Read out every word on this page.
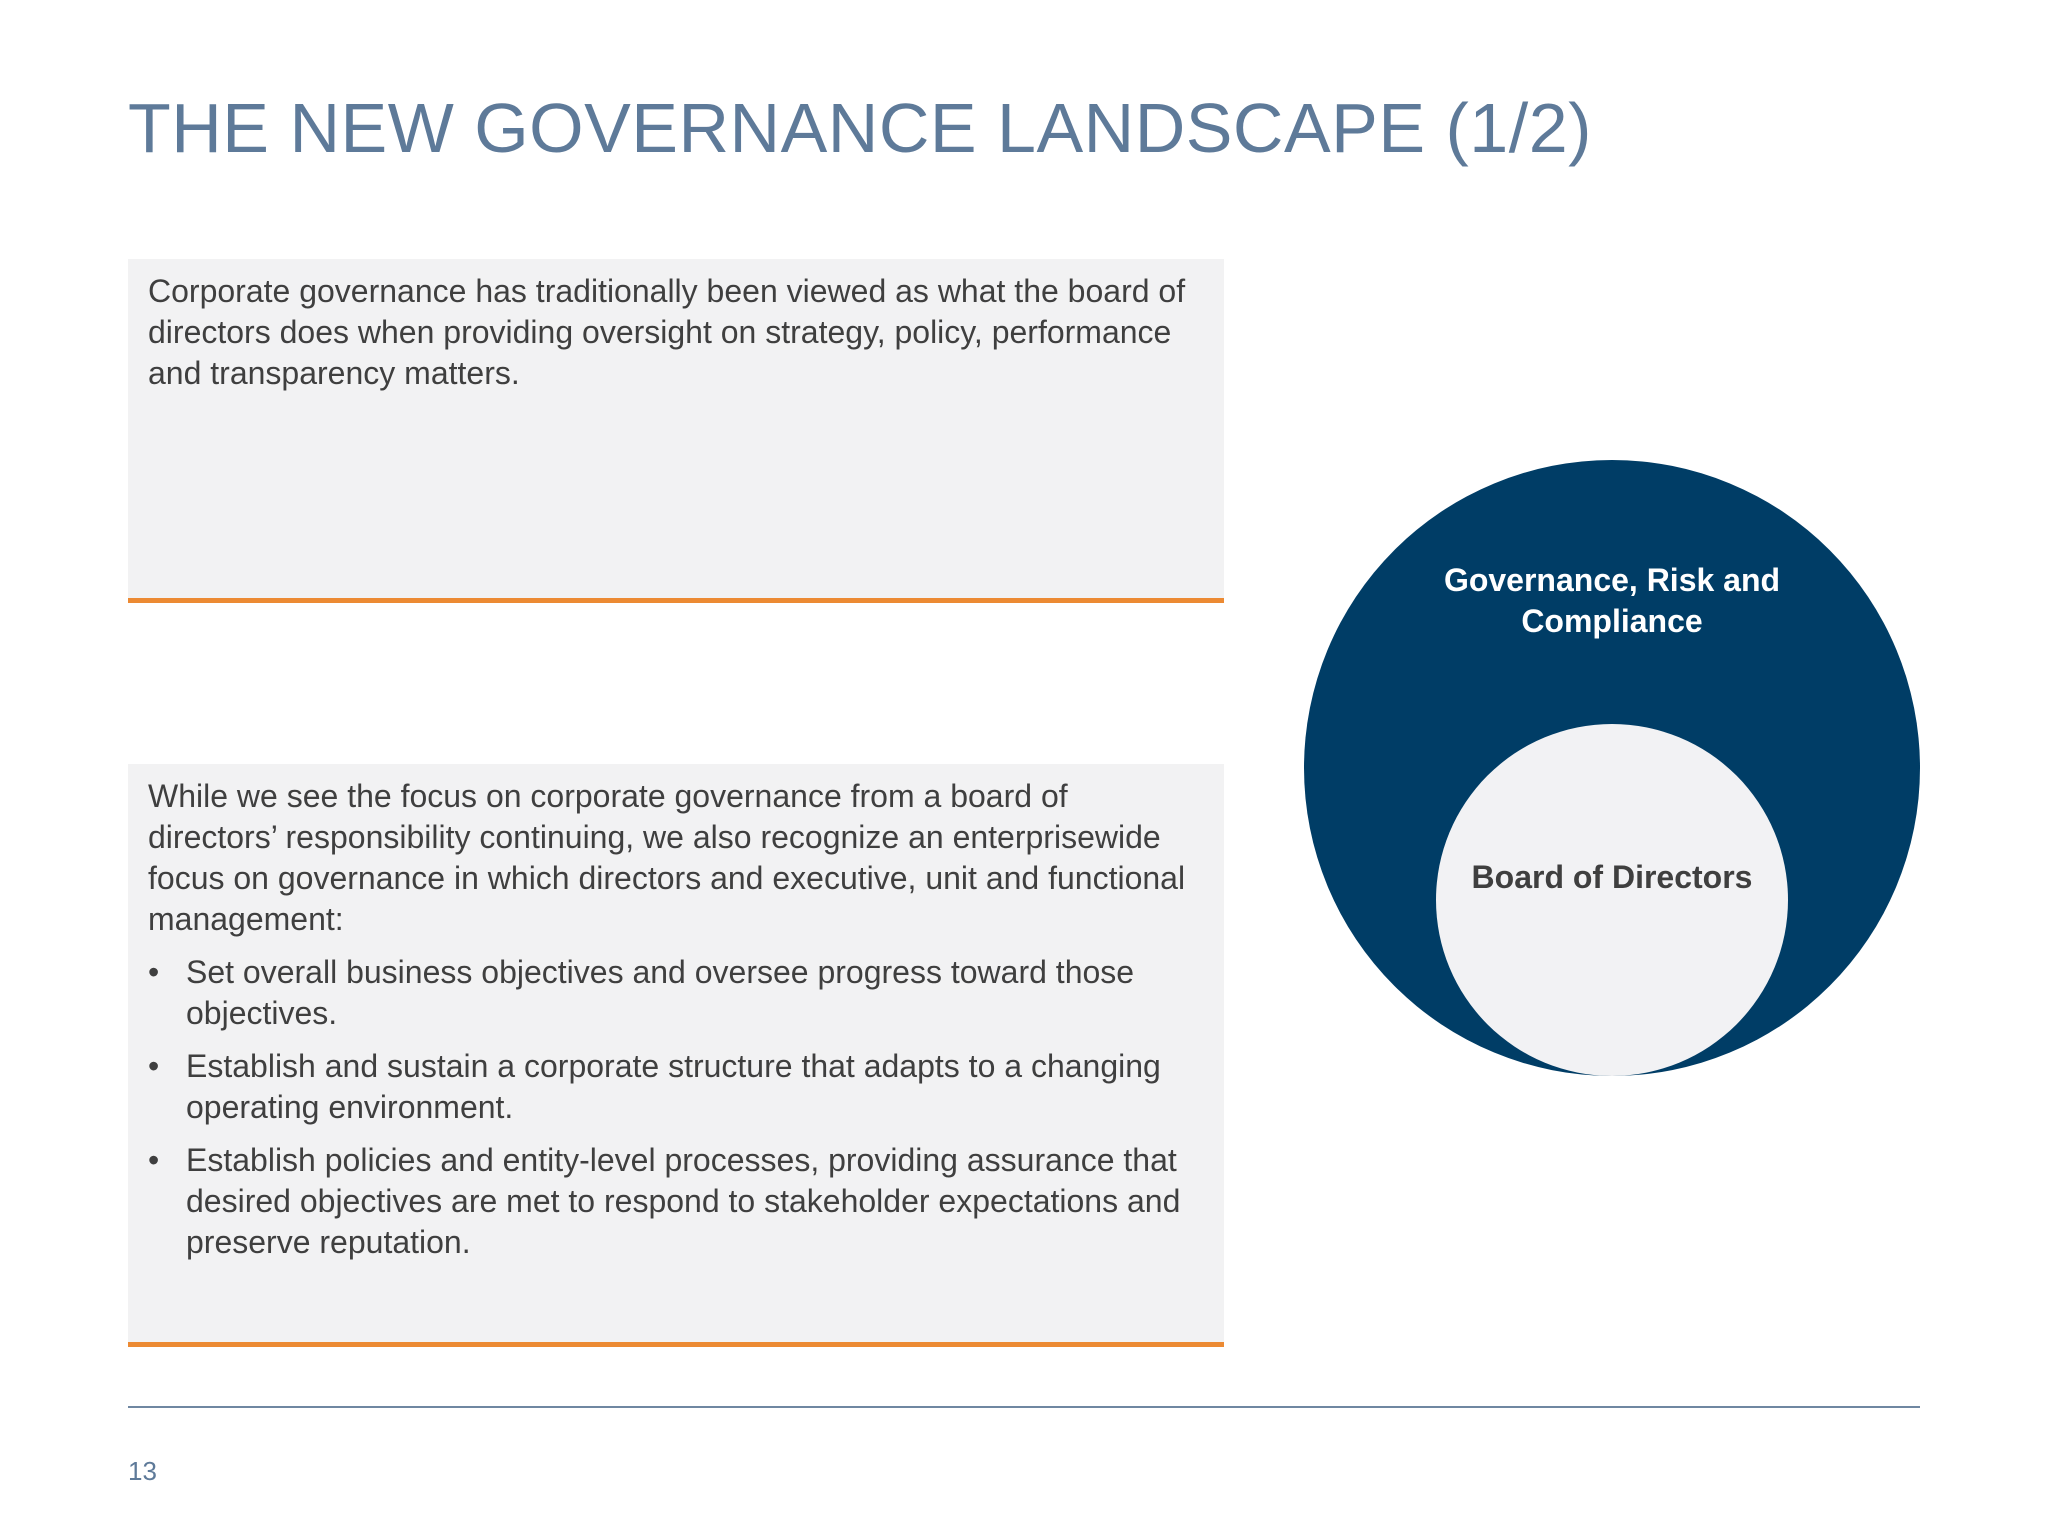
THE NEW GOVERNANCE LANDSCAPE (1/2)

Corporate governance has traditionally been viewed as what the board of directors does when providing oversight on strategy, policy, performance and transparency matters.

While we see the focus on corporate governance from a board of directors’ responsibility continuing, we also recognize an enterprisewide focus on governance in which directors and executive, unit and functional management:

• Set overall business objectives and oversee progress toward those objectives.
• Establish and sustain a corporate structure that adapts to a changing operating environment.
• Establish policies and entity-level processes, providing assurance that desired objectives are met to respond to stakeholder expectations and preserve reputation.
Governance, Risk and Compliance
Board of Directors
13
